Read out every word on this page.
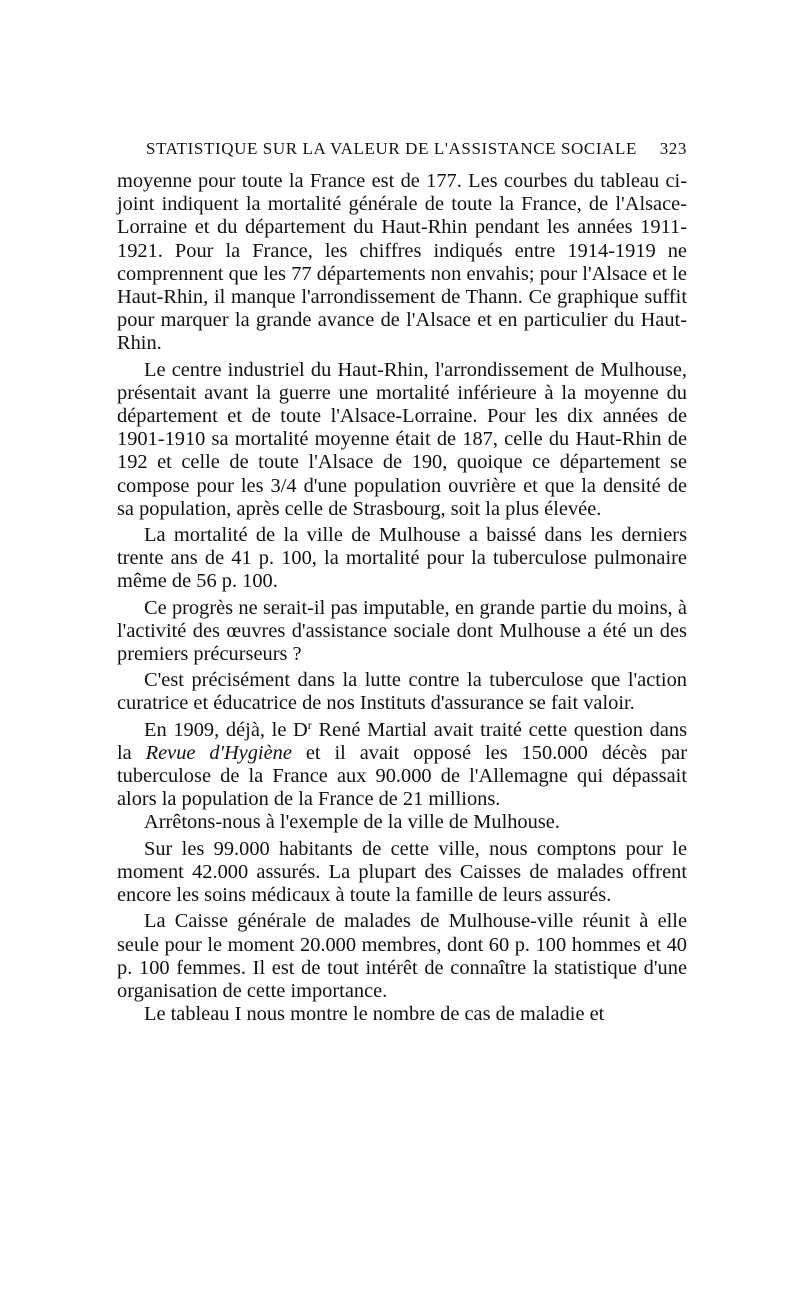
STATISTIQUE SUR LA VALEUR DE L'ASSISTANCE SOCIALE 323

moyenne pour toute la France est de 177. Les courbes du tableau ci-joint indiquent la mortalité générale de toute la France, de l'Alsace-Lorraine et du département du Haut-Rhin pendant les années 1911-1921. Pour la France, les chiffres indiqués entre 1914-1919 ne comprennent que les 77 départements non envahis; pour l'Alsace et le Haut-Rhin, il manque l'arrondissement de Thann. Ce graphique suffit pour marquer la grande avance de l'Alsace et en particulier du Haut-Rhin.

Le centre industriel du Haut-Rhin, l'arrondissement de Mulhouse, présentait avant la guerre une mortalité inférieure à la moyenne du département et de toute l'Alsace-Lorraine. Pour les dix années de 1901-1910 sa mortalité moyenne était de 187, celle du Haut-Rhin de 192 et celle de toute l'Alsace de 190, quoique ce département se compose pour les 3/4 d'une population ouvrière et que la densité de sa population, après celle de Strasbourg, soit la plus élevée.

La mortalité de la ville de Mulhouse a baissé dans les derniers trente ans de 41 p. 100, la mortalité pour la tuberculose pulmonaire même de 56 p. 100.

Ce progrès ne serait-il pas imputable, en grande partie du moins, à l'activité des œuvres d'assistance sociale dont Mulhouse a été un des premiers précurseurs ?

C'est précisément dans la lutte contre la tuberculose que l'action curatrice et éducatrice de nos Instituts d'assurance se fait valoir.

En 1909, déjà, le $D^r$ René Martial avait traité cette question dans la Revue d'Hygiène et il avait opposé les 150.000 décès par tuberculose de la France aux 90.000 de l'Allemagne qui dépassait alors la population de la France de 21 millions.

Arrêtons-nous à l'exemple de la ville de Mulhouse.

Sur les 99.000 habitants de cette ville, nous comptons pour le moment 42.000 assurés. La plupart des Caisses de malades offrent encore les soins médicaux à toute la famille de leurs assurés.

La Caisse générale de malades de Mulhouse-ville réunit à elle seule pour le moment 20.000 membres, dont 60 p. 100 hommes et 40 p. 100 femmes. Il est de tout intérêt de connaître la statistique d'une organisation de cette importance.

Le tableau I nous montre le nombre de cas de maladie et
